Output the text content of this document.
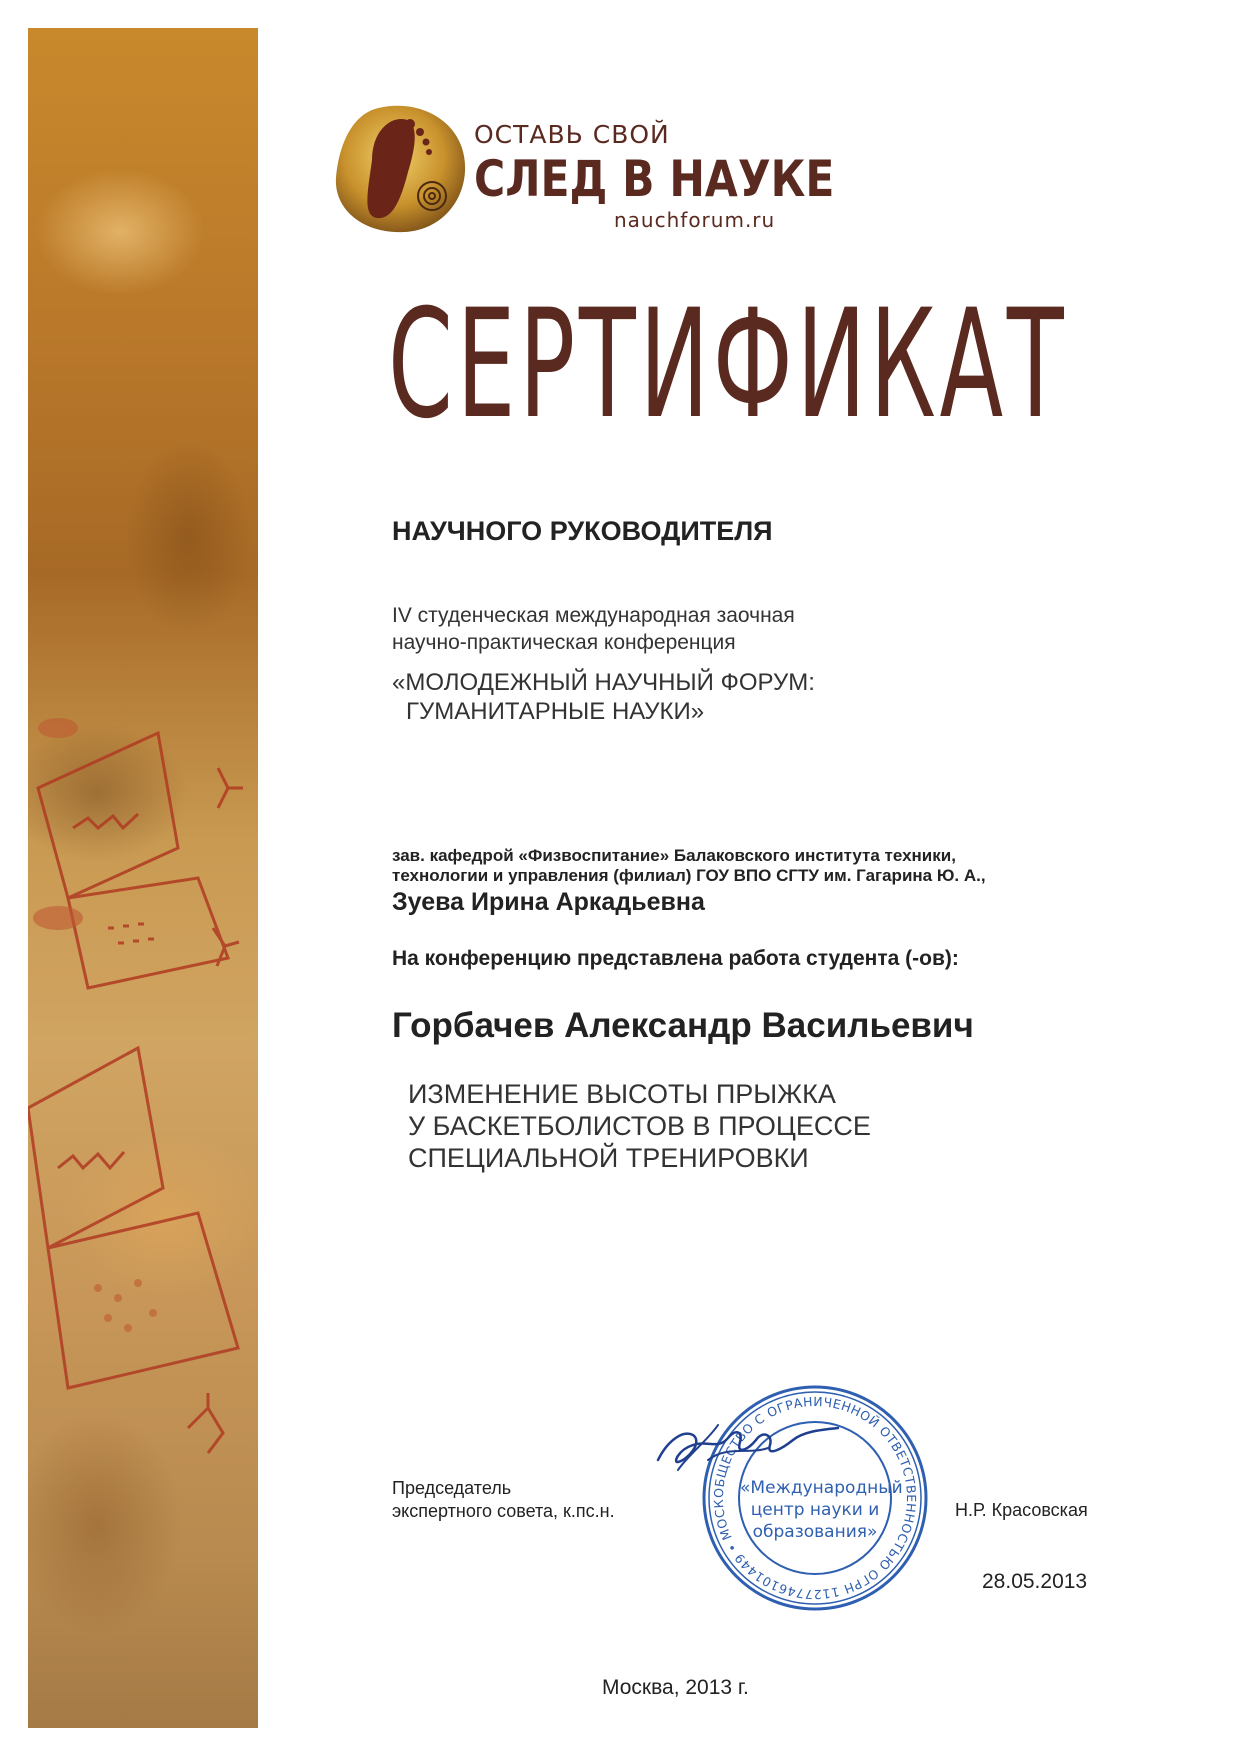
ОСТАВЬ СВОЙ
СЛЕД В НАУКЕ
nauchforum.ru
СЕРТИФИКАТ
НАУЧНОГО РУКОВОДИТЕЛЯ
IV студенческая международная заочная
научно-практическая конференция
«МОЛОДЕЖНЫЙ НАУЧНЫЙ ФОРУМ:
ГУМАНИТАРНЫЕ НАУКИ»
зав. кафедрой «Физвоспитание» Балаковского института техники,
технологии и управления (филиал) ГОУ ВПО СГТУ им. Гагарина Ю. А.,
Зуева Ирина Аркадьевна
На конференцию представлена работа студента (-ов):
Горбачев Александр Васильевич
ИЗМЕНЕНИЕ ВЫСОТЫ ПРЫЖКА
У БАСКЕТБОЛИСТОВ В ПРОЦЕССЕ
СПЕЦИАЛЬНОЙ ТРЕНИРОВКИ
Председатель
экспертного совета, к.пс.н.
ОБЩЕСТВО С ОГРАНИЧЕННОЙ ОТВЕТСТВЕННОСТЬЮ ОГРН 1127746101449 • МОСК
«Международный
центр науки и
образования»
Н.Р. Красовская
28.05.2013
Москва, 2013 г.
